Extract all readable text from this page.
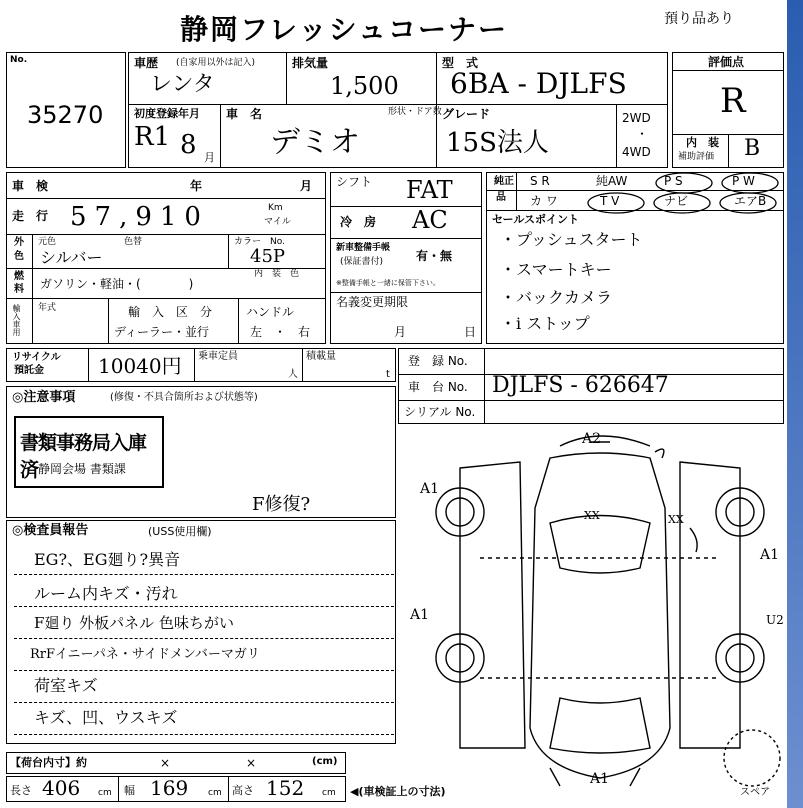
静岡フレッシュコーナー	預り品あり
No.
35270
車歴 (自家用以外は記入)
レンタ
排気量
1,500
型　式
6BA - DJLFS
初度登録年月
R1 8 月
車　名
デミオ
形状・ドア数 グレード
15S法人
2WD
・
4WD
評価点
R
内　装
補助評価 B
車　検	年	月
走　行 57,910	Km
マイル
外
色
元色	色替
シルバー
カラー　No.
45P
内　装　色
燃
料 ガソリン・軽油・(　　　　)
輸入車用 年式	輸　入　区　分
ディーラー・並行
ハンドル
左　・　右
シフト FAT
冷　房 AC
新車整備手帳
(保証書付)	有・無
※整備手帳と一緒に保管下さい。
名義変更期限
月	日
純正
品
S R	純AW	P S	P W
カ ワ	T V	ナビ	エアB
セールスポイント
・プッシュスタート
・スマートキー
・バックカメラ
・i ストップ
リサイクル
預託金	10040円 乗車定員
人
積載量
t
登　録 No.
車　台 No. DJLFS - 626647
シリアル No.
◎注意事項	(修復・不具合箇所および状態等)
書類事務局入庫済 静岡会場 書類課
F修復?
◎検査員報告	(USS使用欄)
EG?、EG廻り?異音
ルーム内キズ・汚れ
F廻り 外板パネル 色味ちがい
RrFイニーパネ・サイドメンバーマガリ
荷室キズ
キズ、凹、ウスキズ
A2
A1
XX	XX
A1
A1	U2
A1
スペア
【荷台内寸】約	×	×	(cm)
長さ 406 cm 幅 169 cm 高さ 152 cm ◀(車検証上の寸法)
